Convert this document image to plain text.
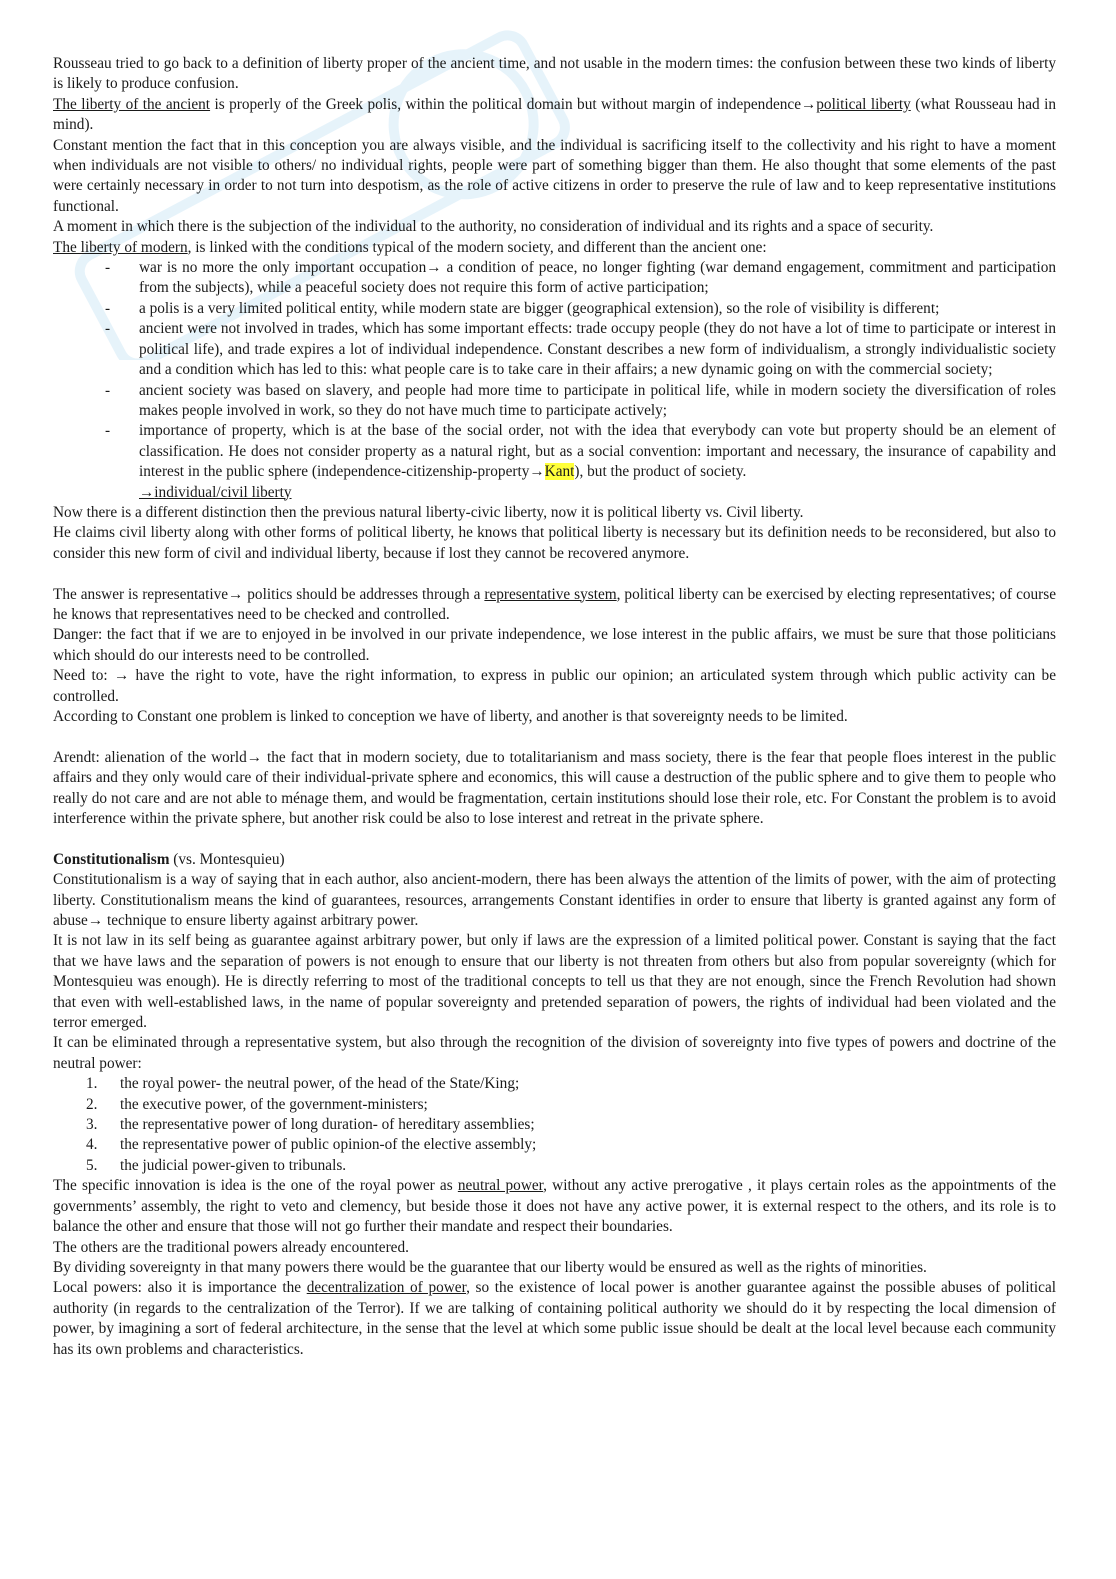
Rousseau tried to go back to a definition of liberty proper of the ancient time, and not usable in the modern times: the confusion between these two kinds of liberty is likely to produce confusion.

The liberty of the ancient is properly of the Greek polis, within the political domain but without margin of independence→political liberty (what Rousseau had in mind).

Constant mention the fact that in this conception you are always visible, and the individual is sacrificing itself to the collectivity and his right to have a moment when individuals are not visible to others/ no individual rights, people were part of something bigger than them. He also thought that some elements of the past were certainly necessary in order to not turn into despotism, as the role of active citizens in order to preserve the rule of law and to keep representative institutions functional.

A moment in which there is the subjection of the individual to the authority, no consideration of individual and its rights and a space of security.

The liberty of modern, is linked with the conditions typical of the modern society, and different than the ancient one:

- war is no more the only important occupation→ a condition of peace, no longer fighting (war demand engagement, commitment and participation from the subjects), while a peaceful society does not require this form of active participation;
- a polis is a very limited political entity, while modern state are bigger (geographical extension), so the role of visibility is different;
- ancient were not involved in trades, which has some important effects: trade occupy people (they do not have a lot of time to participate or interest in political life), and trade expires a lot of individual independence. Constant describes a new form of individualism, a strongly individualistic society and a condition which has led to this: what people care is to take care in their affairs; a new dynamic going on with the commercial society;
- ancient society was based on slavery, and people had more time to participate in political life, while in modern society the diversification of roles makes people involved in work, so they do not have much time to participate actively;
- importance of property, which is at the base of the social order, not with the idea that everybody can vote but property should be an element of classification. He does not consider property as a natural right, but as a social convention: important and necessary, the insurance of capability and interest in the public sphere (independence-citizenship-property→Kant), but the product of society.

→individual/civil liberty

Now there is a different distinction then the previous natural liberty-civic liberty, now it is political liberty vs. Civil liberty.

He claims civil liberty along with other forms of political liberty, he knows that political liberty is necessary but its definition needs to be reconsidered, but also to consider this new form of civil and individual liberty, because if lost they cannot be recovered anymore.

The answer is representative→ politics should be addresses through a representative system, political liberty can be exercised by electing representatives; of course he knows that representatives need to be checked and controlled.

Danger: the fact that if we are to enjoyed in be involved in our private independence, we lose interest in the public affairs, we must be sure that those politicians which should do our interests need to be controlled.

Need to: → have the right to vote, have the right information, to express in public our opinion; an articulated system through which public activity can be controlled.

According to Constant one problem is linked to conception we have of liberty, and another is that sovereignty needs to be limited.

Arendt: alienation of the world→ the fact that in modern society, due to totalitarianism and mass society, there is the fear that people floes interest in the public affairs and they only would care of their individual-private sphere and economics, this will cause a destruction of the public sphere and to give them to people who really do not care and are not able to ménage them, and would be fragmentation, certain institutions should lose their role, etc. For Constant the problem is to avoid interference within the private sphere, but another risk could be also to lose interest and retreat in the private sphere.

Constitutionalism (vs. Montesquieu)

Constitutionalism is a way of saying that in each author, also ancient-modern, there has been always the attention of the limits of power, with the aim of protecting liberty. Constitutionalism means the kind of guarantees, resources, arrangements Constant identifies in order to ensure that liberty is granted against any form of abuse→ technique to ensure liberty against arbitrary power.

It is not law in its self being as guarantee against arbitrary power, but only if laws are the expression of a limited political power. Constant is saying that the fact that we have laws and the separation of powers is not enough to ensure that our liberty is not threaten from others but also from popular sovereignty (which for Montesquieu was enough). He is directly referring to most of the traditional concepts to tell us that they are not enough, since the French Revolution had shown that even with well-established laws, in the name of popular sovereignty and pretended separation of powers, the rights of individual had been violated and the terror emerged.

It can be eliminated through a representative system, but also through the recognition of the division of sovereignty into five types of powers and doctrine of the neutral power:

1. the royal power- the neutral power, of the head of the State/King;
2. the executive power, of the government-ministers;
3. the representative power of long duration- of hereditary assemblies;
4. the representative power of public opinion-of the elective assembly;
5. the judicial power-given to tribunals.

The specific innovation is idea is the one of the royal power as neutral power, without any active prerogative , it plays certain roles as the appointments of the governments’ assembly, the right to veto and clemency, but beside those it does not have any active power, it is external respect to the others, and its role is to balance the other and ensure that those will not go further their mandate and respect their boundaries.

The others are the traditional powers already encountered.

By dividing sovereignty in that many powers there would be the guarantee that our liberty would be ensured as well as the rights of minorities.

Local powers: also it is importance the decentralization of power, so the existence of local power is another guarantee against the possible abuses of political authority (in regards to the centralization of the Terror). If we are talking of containing political authority we should do it by respecting the local dimension of power, by imagining a sort of federal architecture, in the sense that the level at which some public issue should be dealt at the local level because each community has its own problems and characteristics.
